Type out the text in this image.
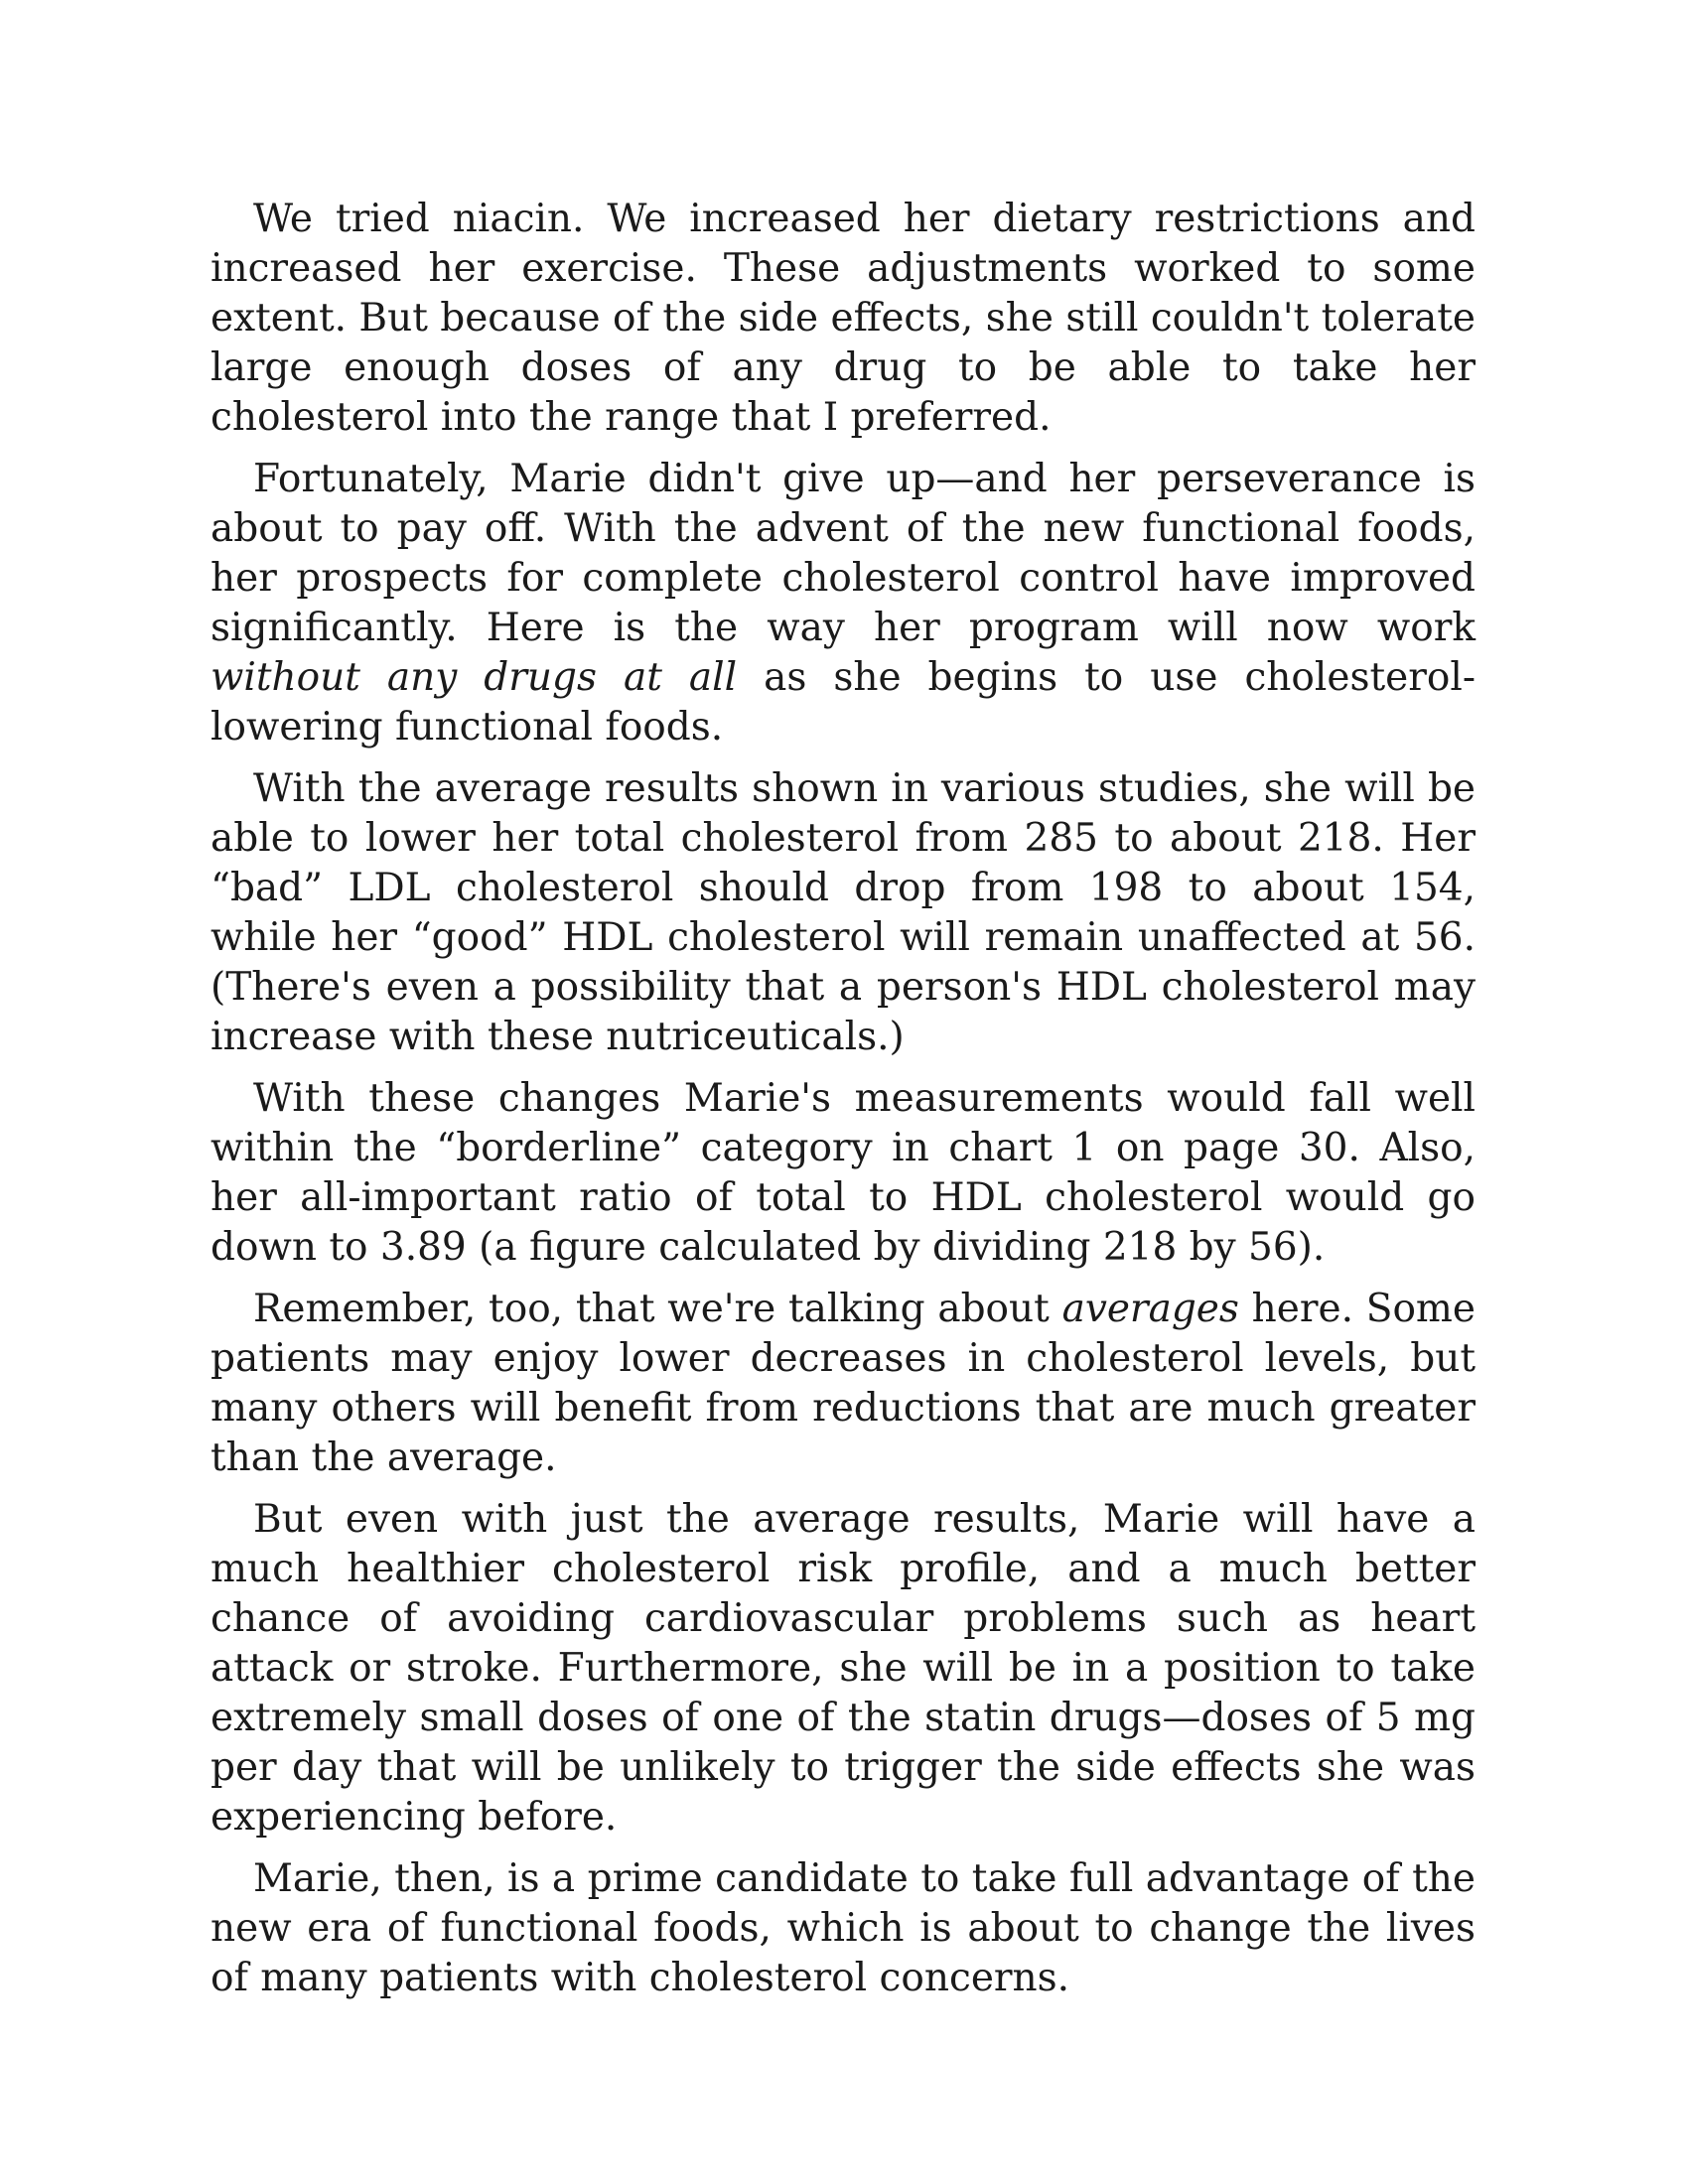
We tried niacin. We increased her dietary restrictions and increased her exercise. These adjustments worked to some extent. But because of the side effects, she still couldn't tolerate large enough doses of any drug to be able to take her cholesterol into the range that I preferred.

Fortunately, Marie didn't give up—and her perseverance is about to pay off. With the advent of the new functional foods, her prospects for complete cholesterol control have improved significantly. Here is the way her program will now work without any drugs at all as she begins to use cholesterol-lowering functional foods.

With the average results shown in various studies, she will be able to lower her total cholesterol from 285 to about 218. Her “bad” LDL cholesterol should drop from 198 to about 154, while her “good” HDL cholesterol will remain unaffected at 56. (There's even a possibility that a person's HDL cholesterol may increase with these nutriceuticals.)

With these changes Marie's measurements would fall well within the “borderline” category in chart 1 on page 30. Also, her all-important ratio of total to HDL cholesterol would go down to 3.89 (a figure calculated by dividing 218 by 56).

Remember, too, that we're talking about averages here. Some patients may enjoy lower decreases in cholesterol levels, but many others will benefit from reductions that are much greater than the average.

But even with just the average results, Marie will have a much healthier cholesterol risk profile, and a much better chance of avoiding cardiovascular problems such as heart attack or stroke. Furthermore, she will be in a position to take extremely small doses of one of the statin drugs—doses of 5 mg per day that will be unlikely to trigger the side effects she was experiencing before.

Marie, then, is a prime candidate to take full advantage of the new era of functional foods, which is about to change the lives of many patients with cholesterol concerns.
